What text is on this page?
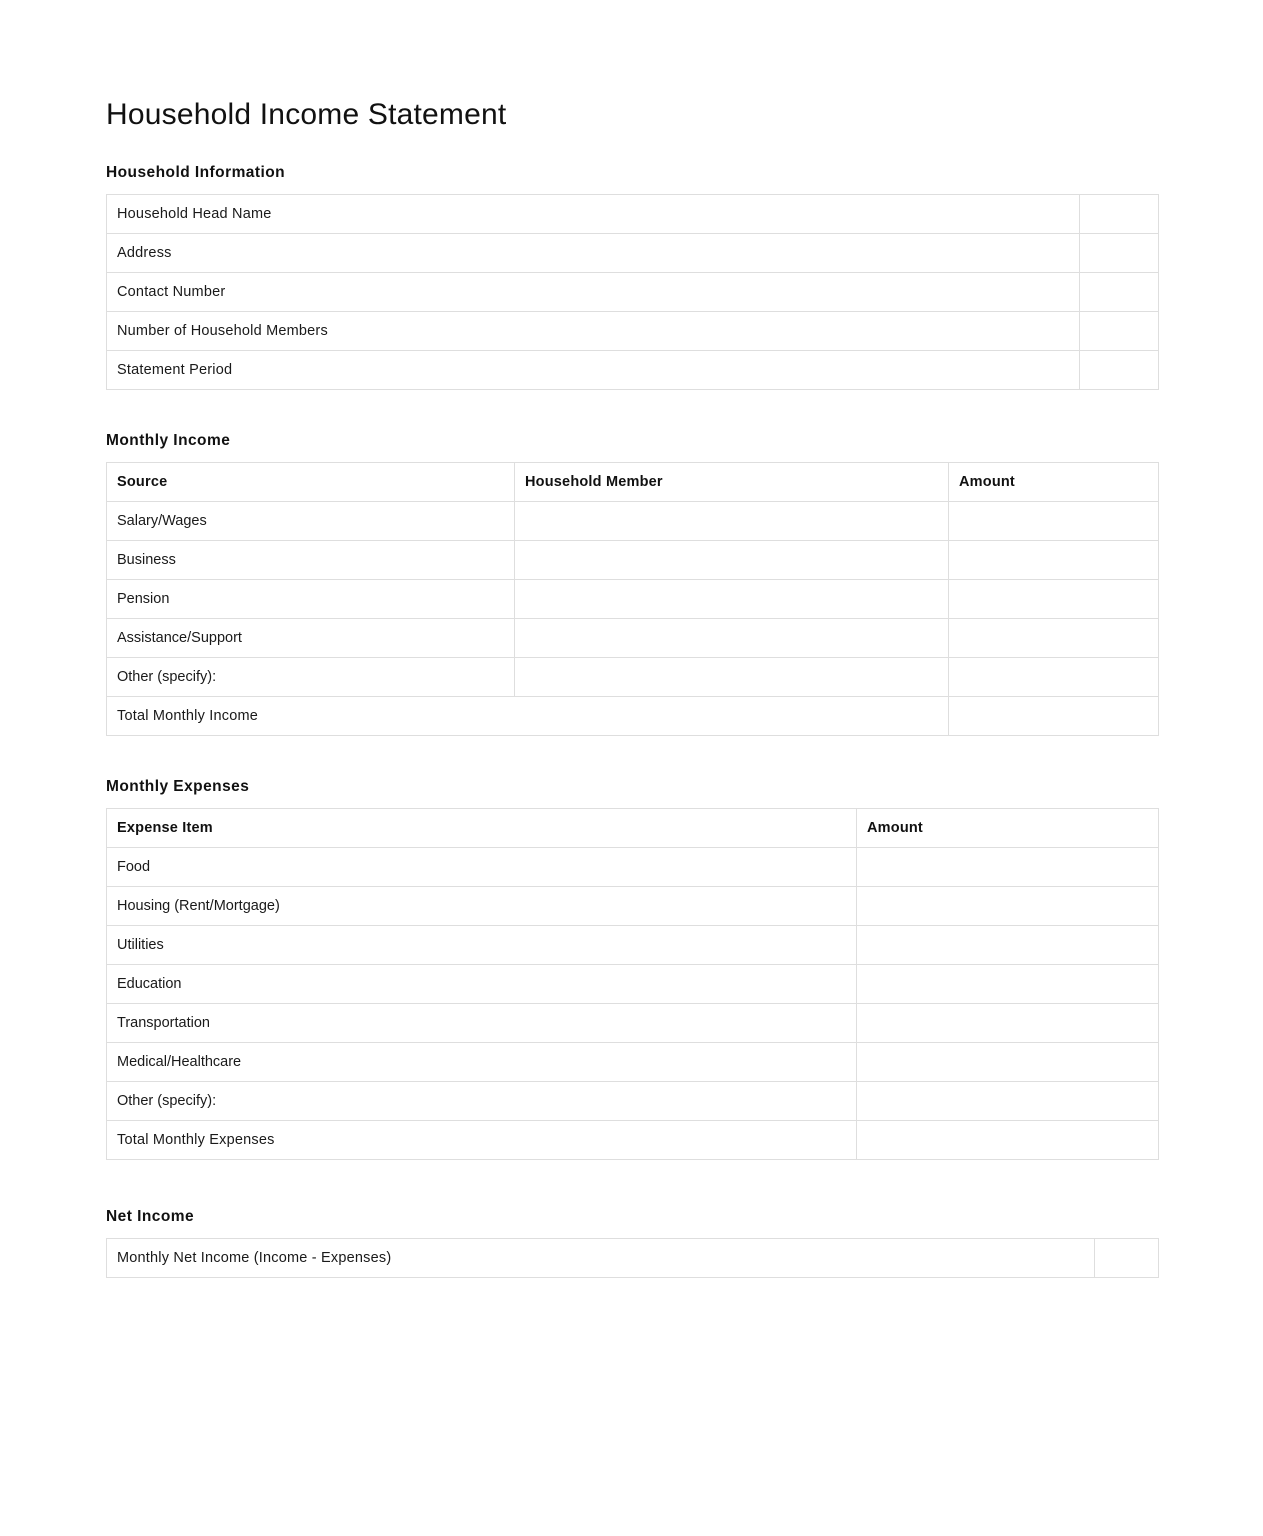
Household Income Statement
Household Information
Household Head Name	
Address	
Contact Number	
Number of Household Members	
Statement Period	
Monthly Income
Source	Household Member	Amount
Salary/Wages		
Business		
Pension		
Assistance/Support		
Other (specify):		
Total Monthly Income		
Monthly Expenses
Expense Item	Amount
Food	
Housing (Rent/Mortgage)	
Utilities	
Education	
Transportation	
Medical/Healthcare	
Other (specify):	
Total Monthly Expenses	
Net Income
Monthly Net Income (Income - Expenses)	
